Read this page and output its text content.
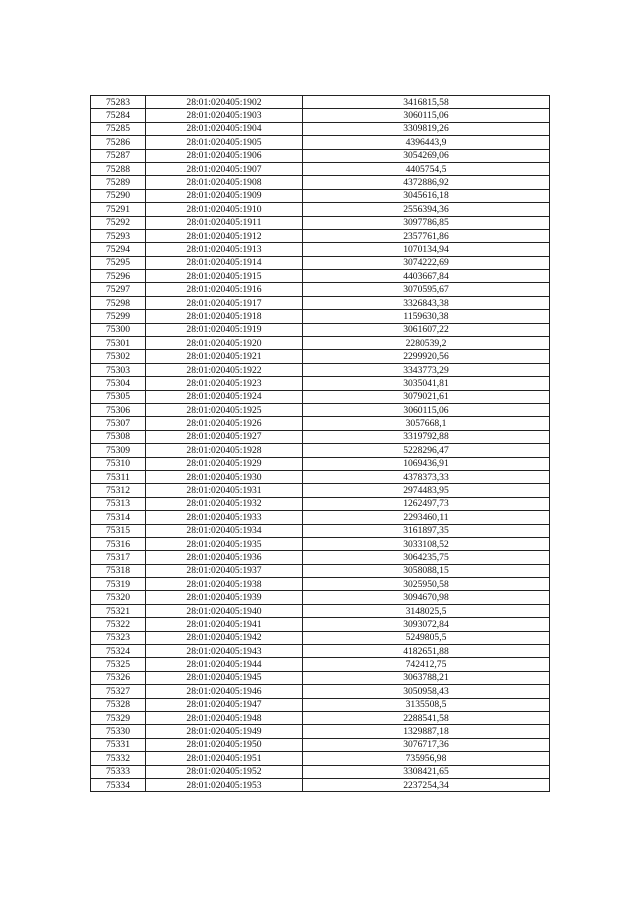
75283	28:01:020405:1902	3416815,58
75284	28:01:020405:1903	3060115,06
75285	28:01:020405:1904	3309819,26
75286	28:01:020405:1905	4396443,9
75287	28:01:020405:1906	3054269,06
75288	28:01:020405:1907	4405754,5
75289	28:01:020405:1908	4372886,92
75290	28:01:020405:1909	3045616,18
75291	28:01:020405:1910	2556394,36
75292	28:01:020405:1911	3097786,85
75293	28:01:020405:1912	2357761,86
75294	28:01:020405:1913	1070134,94
75295	28:01:020405:1914	3074222,69
75296	28:01:020405:1915	4403667,84
75297	28:01:020405:1916	3070595,67
75298	28:01:020405:1917	3326843,38
75299	28:01:020405:1918	1159630,38
75300	28:01:020405:1919	3061607,22
75301	28:01:020405:1920	2280539,2
75302	28:01:020405:1921	2299920,56
75303	28:01:020405:1922	3343773,29
75304	28:01:020405:1923	3035041,81
75305	28:01:020405:1924	3079021,61
75306	28:01:020405:1925	3060115,06
75307	28:01:020405:1926	3057668,1
75308	28:01:020405:1927	3319792,88
75309	28:01:020405:1928	5228296,47
75310	28:01:020405:1929	1069436,91
75311	28:01:020405:1930	4378373,33
75312	28:01:020405:1931	2974483,95
75313	28:01:020405:1932	1262497,73
75314	28:01:020405:1933	2293460,11
75315	28:01:020405:1934	3161897,35
75316	28:01:020405:1935	3033108,52
75317	28:01:020405:1936	3064235,75
75318	28:01:020405:1937	3058088,15
75319	28:01:020405:1938	3025950,58
75320	28:01:020405:1939	3094670,98
75321	28:01:020405:1940	3148025,5
75322	28:01:020405:1941	3093072,84
75323	28:01:020405:1942	5249805,5
75324	28:01:020405:1943	4182651,88
75325	28:01:020405:1944	742412,75
75326	28:01:020405:1945	3063788,21
75327	28:01:020405:1946	3050958,43
75328	28:01:020405:1947	3135508,5
75329	28:01:020405:1948	2288541,58
75330	28:01:020405:1949	1329887,18
75331	28:01:020405:1950	3076717,36
75332	28:01:020405:1951	735956,98
75333	28:01:020405:1952	3308421,65
75334	28:01:020405:1953	2237254,34
